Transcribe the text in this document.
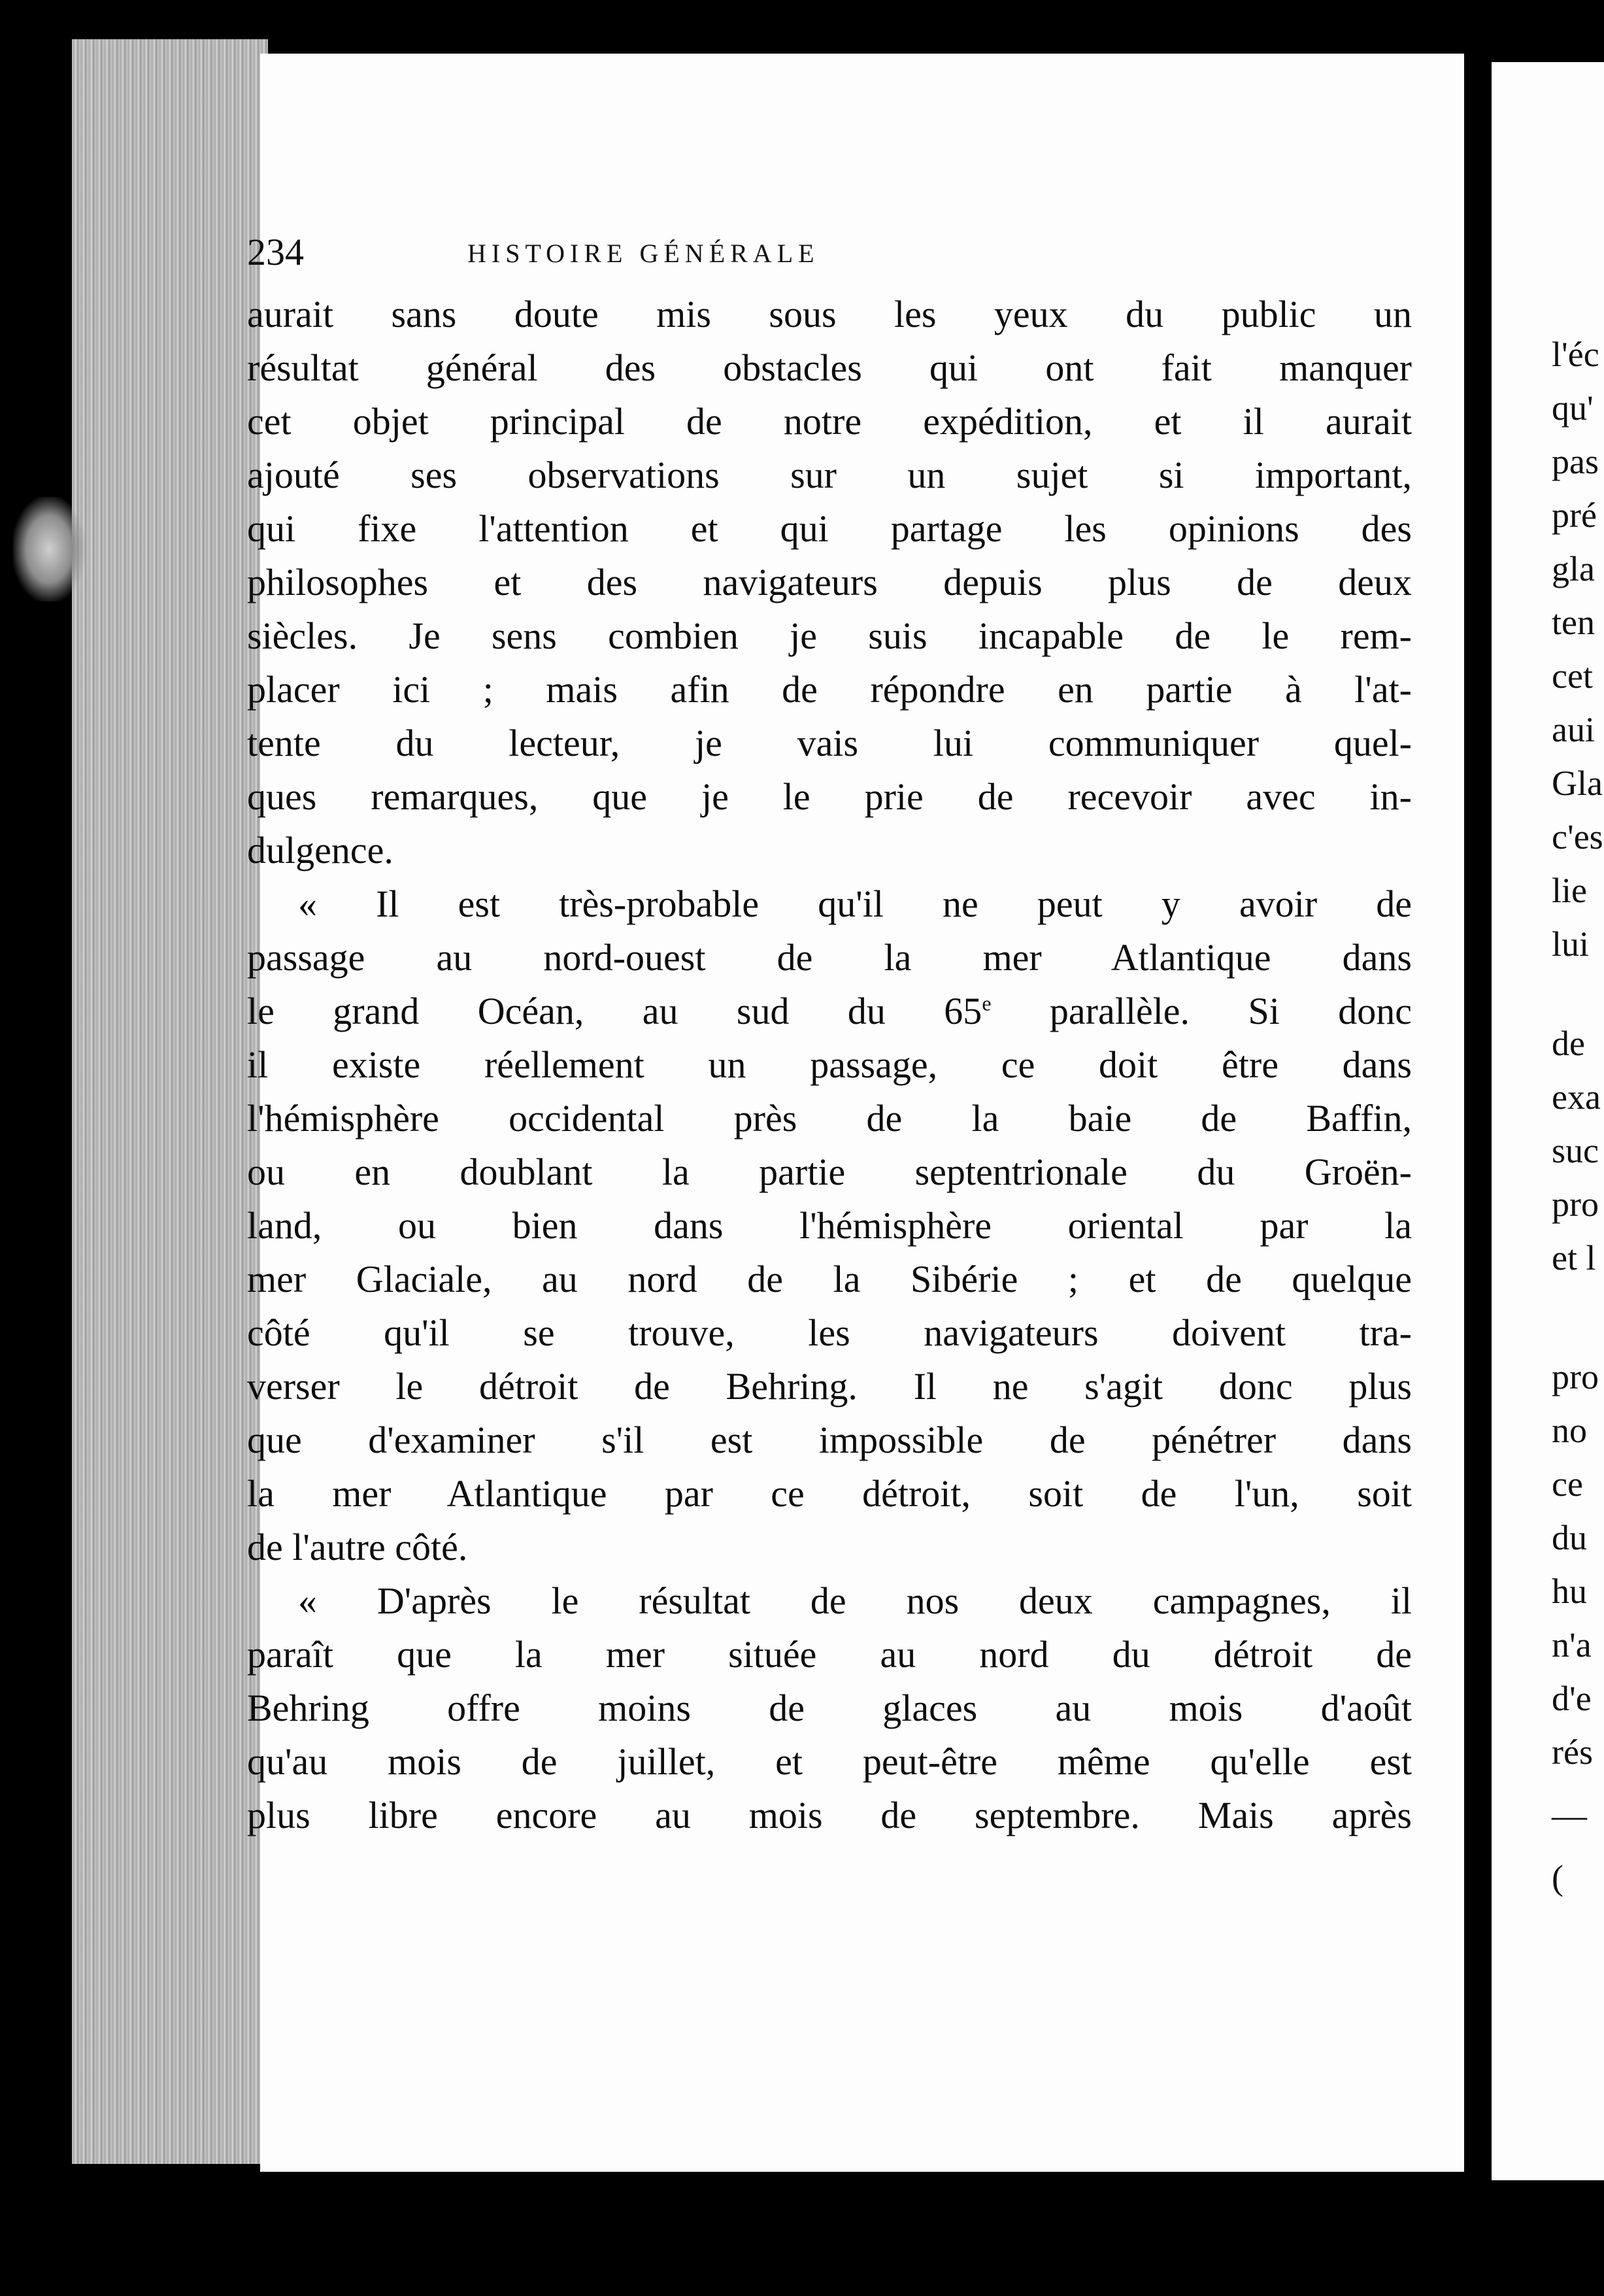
l'éc
qu'
pas
pré
gla
ten
cet
aui
Gla
c'es
lie
lui
de
exa
suc
pro
et l
pro
no
ce
du
hu
n'a
d'e
rés
(
—
234	HISTOIRE GÉNÉRALE
aurait sans doute mis sous les yeux du public un
résultat général des obstacles qui ont fait manquer
cet objet principal de notre expédition, et il aurait
ajouté ses observations sur un sujet si important,
qui fixe l'attention et qui partage les opinions des
philosophes et des navigateurs depuis plus de deux
siècles. Je sens combien je suis incapable de le rem-
placer ici ; mais afin de répondre en partie à l'at-
tente du lecteur, je vais lui communiquer quel-
ques remarques, que je le prie de recevoir avec in-
dulgence.
« Il est très-probable qu'il ne peut y avoir de
passage au nord-ouest de la mer Atlantique dans
le grand Océan, au sud du 65e parallèle. Si donc
il existe réellement un passage, ce doit être dans
l'hémisphère occidental près de la baie de Baffin,
ou en doublant la partie septentrionale du Groën-
land, ou bien dans l'hémisphère oriental par la
mer Glaciale, au nord de la Sibérie ; et de quelque
côté qu'il se trouve, les navigateurs doivent tra-
verser le détroit de Behring. Il ne s'agit donc plus
que d'examiner s'il est impossible de pénétrer dans
la mer Atlantique par ce détroit, soit de l'un, soit
de l'autre côté.
« D'après le résultat de nos deux campagnes, il
paraît que la mer située au nord du détroit de
Behring offre moins de glaces au mois d'août
qu'au mois de juillet, et peut-être même qu'elle est
plus libre encore au mois de septembre. Mais après
